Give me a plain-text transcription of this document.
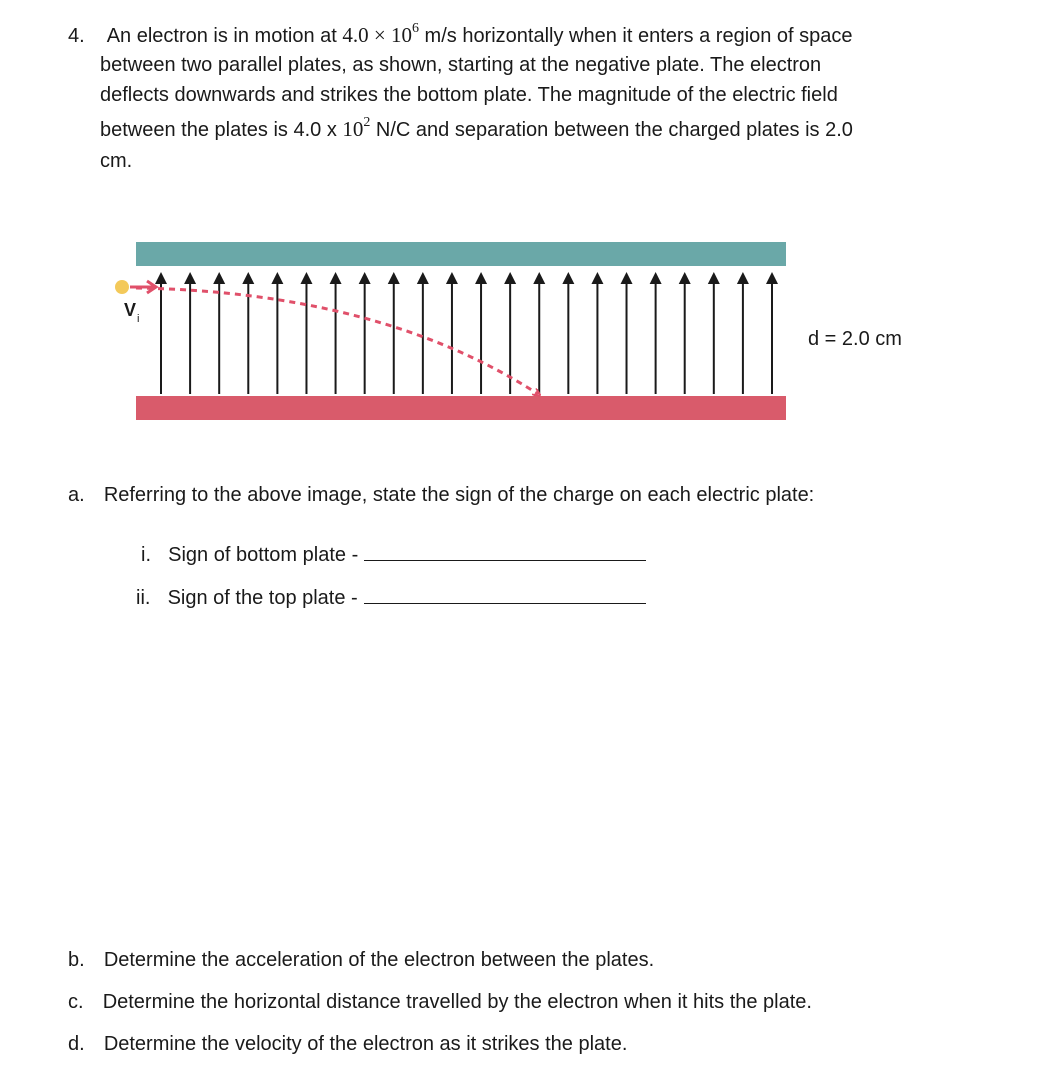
4. An electron is in motion at $4.0 \times 10^6$ m/s horizontally when it enters a region of space
between two parallel plates, as shown, starting at the negative plate. The electron
deflects downwards and strikes the bottom plate. The magnitude of the electric field
between the plates is 4.0 x $10^2$ N/C and separation between the charged plates is 2.0
cm.
V i
d = 2.0 cm
a. Referring to the above image, state the sign of the charge on each electric plate:
i. Sign of bottom plate -
ii. Sign of the top plate -
b. Determine the acceleration of the electron between the plates.
c. Determine the horizontal distance travelled by the electron when it hits the plate.
d. Determine the velocity of the electron as it strikes the plate.
